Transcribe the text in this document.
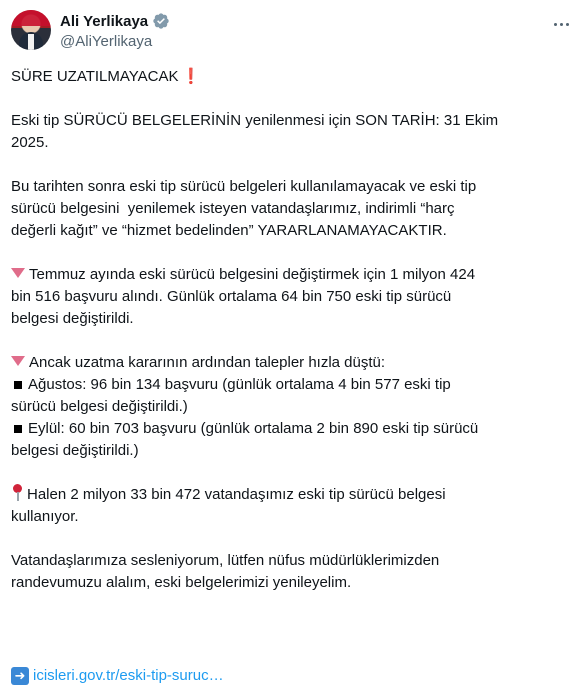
Ali Yerlikaya
@AliYerlikaya
SÜRE UZATILMAYACAK ❗
Eski tip SÜRÜCÜ BELGELERİNİN yenilenmesi için SON TARİH: 31 Ekim
2025.
Bu tarihten sonra eski tip sürücü belgeleri kullanılamayacak ve eski tip
sürücü belgesini  yenilemek isteyen vatandaşlarımız, indirimli “harç
değerli kağıt” ve “hizmet bedelinden” YARARLANAMAYACAKTIR.
Temmuz ayında eski sürücü belgesini değiştirmek için 1 milyon 424
bin 516 başvuru alındı. Günlük ortalama 64 bin 750 eski tip sürücü
belgesi değiştirildi.
Ancak uzatma kararının ardından talepler hızla düştü:
Ağustos: 96 bin 134 başvuru (günlük ortalama 4 bin 577 eski tip
sürücü belgesi değiştirildi.)
Eylül: 60 bin 703 başvuru (günlük ortalama 2 bin 890 eski tip sürücü
belgesi değiştirildi.)
Halen 2 milyon 33 bin 472 vatandaşımız eski tip sürücü belgesi
kullanıyor.
Vatandaşlarımıza sesleniyorum, lütfen nüfus müdürlüklerimizden
randevumuzu alalım, eski belgelerimizi yenileyelim.
➜ icisleri.gov.tr/eski-tip-suruc…
